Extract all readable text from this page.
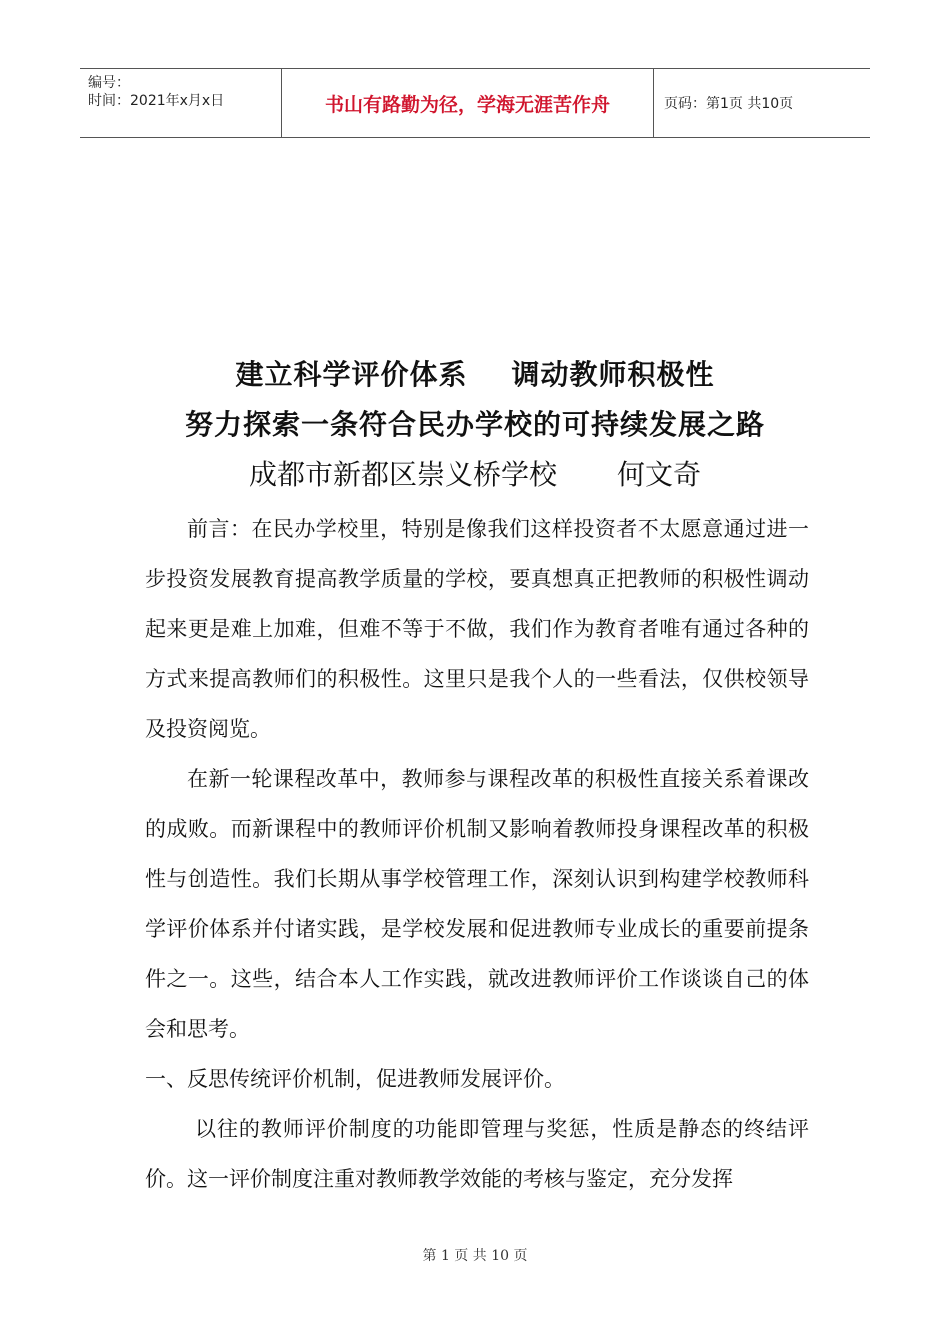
编号：
时间：2021年x月x日	书山有路勤为径，学海无涯苦作舟	页码：第1页 共10页
建立科学评价体系 调动教师积极性
努力探索一条符合民办学校的可持续发展之路
成都市新都区崇义桥学校 何文奇

前言：在民办学校里，特别是像我们这样投资者不太愿意通过进一步投资发展教育提高教学质量的学校，要真想真正把教师的积极性调动起来更是难上加难，但难不等于不做，我们作为教育者唯有通过各种的方式来提高教师们的积极性。这里只是我个人的一些看法，仅供校领导及投资阅览。

在新一轮课程改革中，教师参与课程改革的积极性直接关系着课改的成败。而新课程中的教师评价机制又影响着教师投身课程改革的积极性与创造性。我们长期从事学校管理工作，深刻认识到构建学校教师科学评价体系并付诸实践，是学校发展和促进教师专业成长的重要前提条件之一。这些，结合本人工作实践，就改进教师评价工作谈谈自己的体会和思考。

一、反思传统评价机制，促进教师发展评价。

以往的教师评价制度的功能即管理与奖惩，性质是静态的终结评价。这一评价制度注重对教师教学效能的考核与鉴定，充分发挥

第 1 页 共 10 页
